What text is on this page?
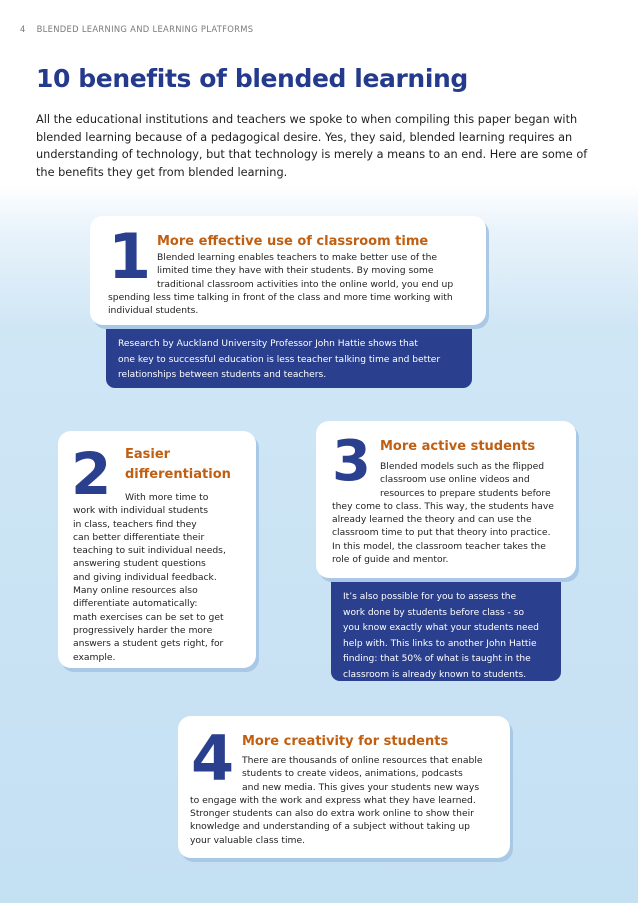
4 BLENDED LEARNING AND LEARNING PLATFORMS
10 benefits of blended learning
All the educational institutions and teachers we spoke to when compiling this paper began with
blended learning because of a pedagogical desire. Yes, they said, blended learning requires an
understanding of technology, but that technology is merely a means to an end. Here are some of
the benefits they get from blended learning.
Research by Auckland University Professor John Hattie shows that
one key to successful education is less teacher talking time and better
relationships between students and teachers.
1 More effective use of classroom time
Blended learning enables teachers to make better use of the
limited time they have with their students. By moving some
traditional classroom activities into the online world, you end up
spending less time talking in front of the class and more time working with
individual students.
2 Easier
differentiation
With more time to
work with individual students
in class, teachers find they
can better differentiate their
teaching to suit individual needs,
answering student questions
and giving individual feedback.
Many online resources also
differentiate automatically:
math exercises can be set to get
progressively harder the more
answers a student gets right, for
example.
It’s also possible for you to assess the
work done by students before class - so
you know exactly what your students need
help with. This links to another John Hattie
finding: that 50% of what is taught in the
classroom is already known to students.
3 More active students
Blended models such as the flipped
classroom use online videos and
resources to prepare students before
they come to class. This way, the students have
already learned the theory and can use the
classroom time to put that theory into practice.
In this model, the classroom teacher takes the
role of guide and mentor.
4 More creativity for students
There are thousands of online resources that enable
students to create videos, animations, podcasts
and new media. This gives your students new ways
to engage with the work and express what they have learned.
Stronger students can also do extra work online to show their
knowledge and understanding of a subject without taking up
your valuable class time.
